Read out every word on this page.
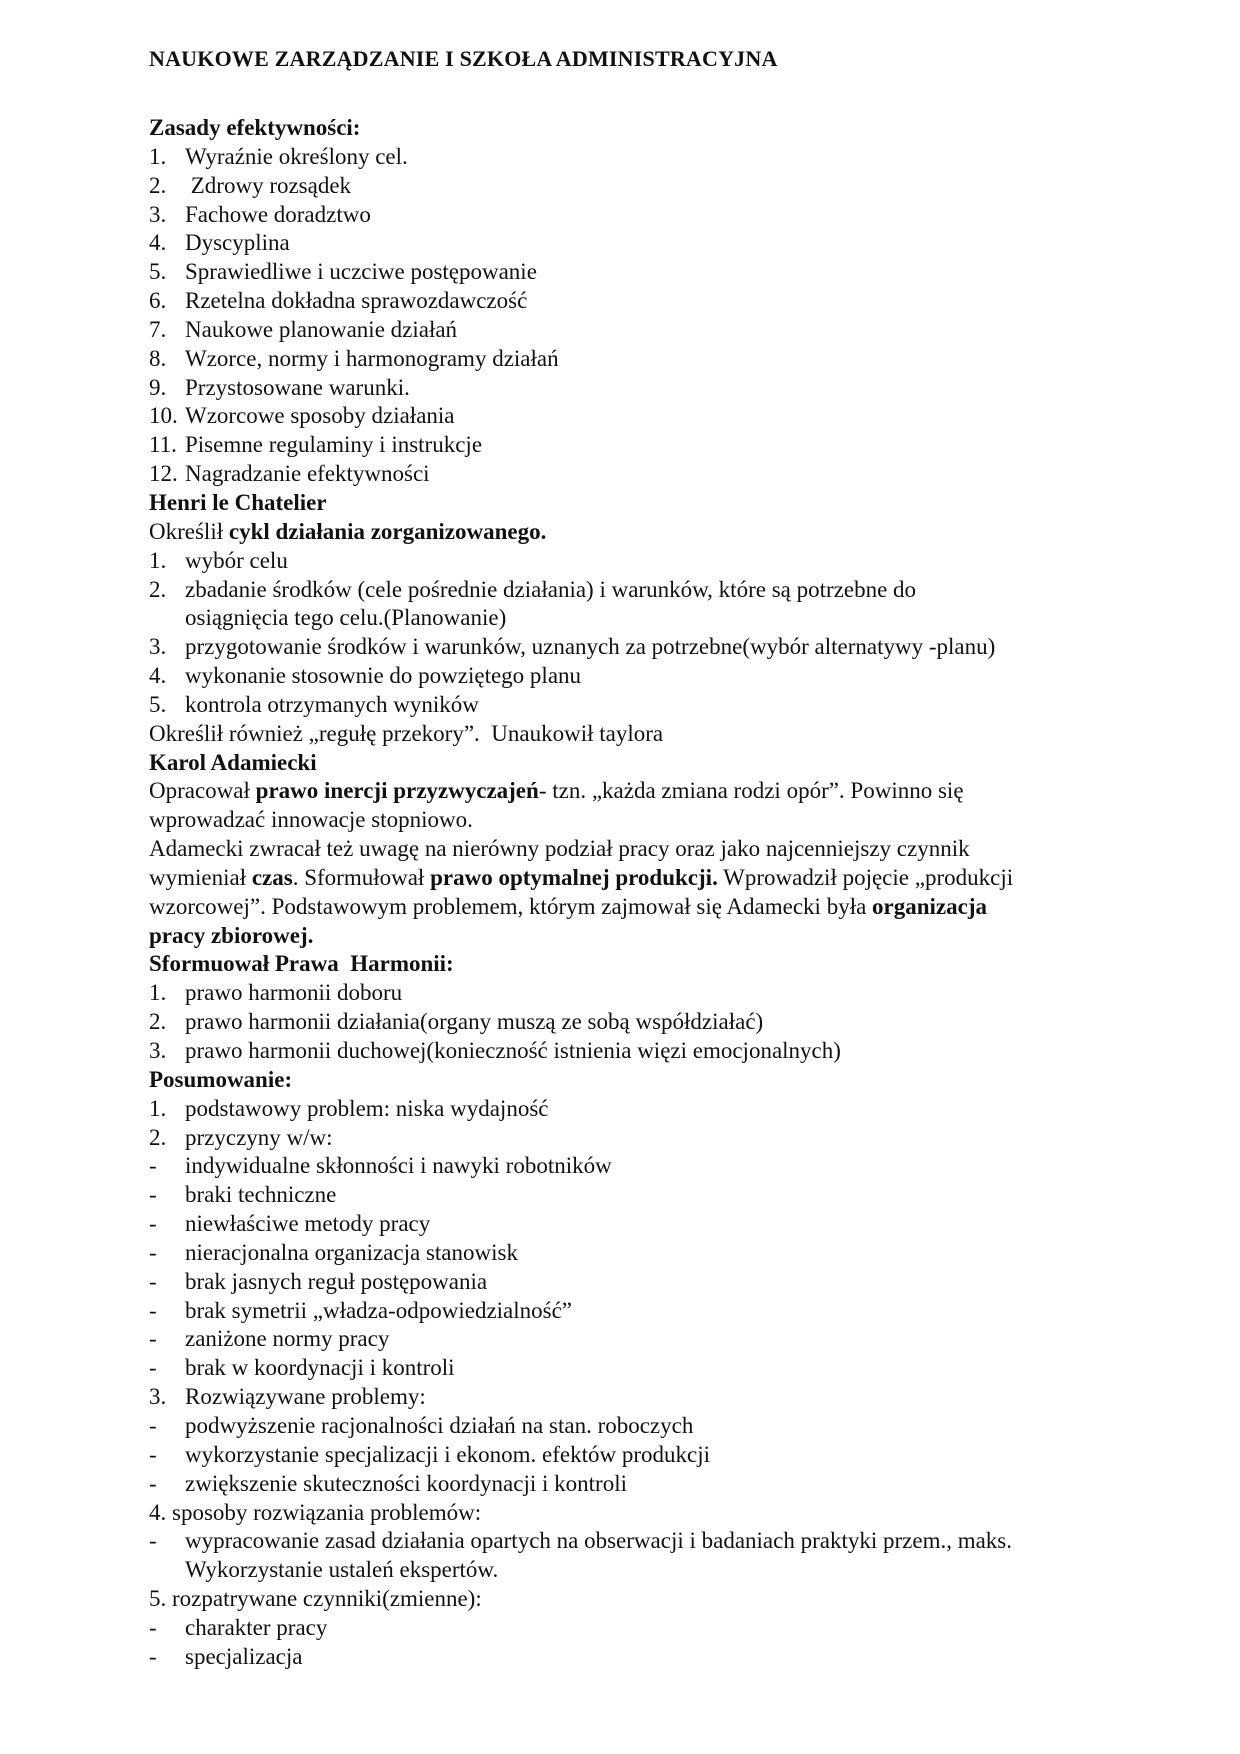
NAUKOWE ZARZĄDZANIE I SZKOŁA ADMINISTRACYJNA
Zasady efektywności:
1. Wyraźnie określony cel.
2. Zdrowy rozsądek
3. Fachowe doradztwo
4. Dyscyplina
5. Sprawiedliwe i uczciwe postępowanie
6. Rzetelna dokładna sprawozdawczość
7. Naukowe planowanie działań
8. Wzorce, normy i harmonogramy działań
9. Przystosowane warunki.
10. Wzorcowe sposoby działania
11. Pisemne regulaminy i instrukcje
12. Nagradzanie efektywności
Henri le Chatelier
Określił cykl działania zorganizowanego.
1. wybór celu
2. zbadanie środków (cele pośrednie działania) i warunków, które są potrzebne do
osiągnięcia tego celu.(Planowanie)
3. przygotowanie środków i warunków, uznanych za potrzebne(wybór alternatywy -planu)
4. wykonanie stosownie do powziętego planu
5. kontrola otrzymanych wyników
Określił również „regułę przekory”.  Unaukowił taylora
Karol Adamiecki
Opracował prawo inercji przyzwyczajeń- tzn. „każda zmiana rodzi opór”. Powinno się
wprowadzać innowacje stopniowo.
Adamecki zwracał też uwagę na nierówny podział pracy oraz jako najcenniejszy czynnik
wymieniał czas. Sformułował prawo optymalnej produkcji. Wprowadził pojęcie „produkcji
wzorcowej”. Podstawowym problemem, którym zajmował się Adamecki była organizacja
pracy zbiorowej.
Sformuował Prawa  Harmonii:
1. prawo harmonii doboru
2. prawo harmonii działania(organy muszą ze sobą współdziałać)
3. prawo harmonii duchowej(konieczność istnienia więzi emocjonalnych)
Posumowanie:
1. podstawowy problem: niska wydajność
2. przyczyny w/w:
- indywidualne skłonności i nawyki robotników
- braki techniczne
- niewłaściwe metody pracy
- nieracjonalna organizacja stanowisk
- brak jasnych reguł postępowania
- brak symetrii „władza-odpowiedzialność”
- zaniżone normy pracy
- brak w koordynacji i kontroli
3. Rozwiązywane problemy:
- podwyższenie racjonalności działań na stan. roboczych
- wykorzystanie specjalizacji i ekonom. efektów produkcji
- zwiększenie skuteczności koordynacji i kontroli
4. sposoby rozwiązania problemów:
- wypracowanie zasad działania opartych na obserwacji i badaniach praktyki przem., maks.
Wykorzystanie ustaleń ekspertów.
5. rozpatrywane czynniki(zmienne):
- charakter pracy
- specjalizacja
